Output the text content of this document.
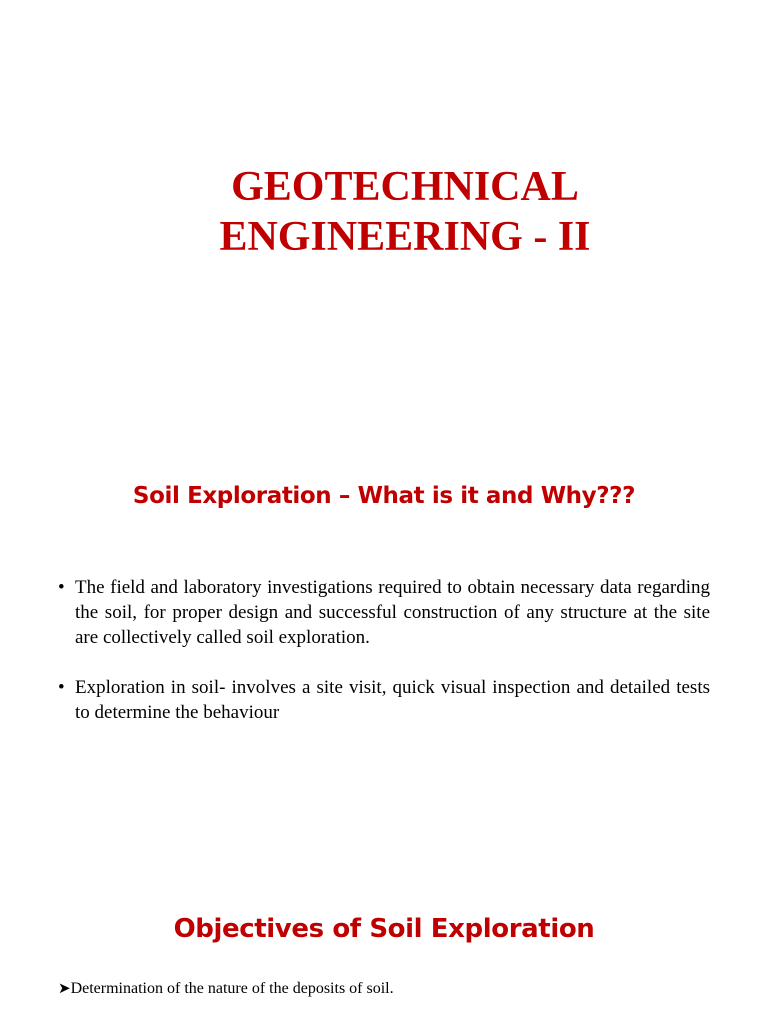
GEOTECHNICAL
ENGINEERING - II
Soil Exploration – What is it and Why???
• The field and laboratory investigations required to obtain necessary data regarding the soil, for proper design and successful construction of any structure at the site are collectively called soil exploration.
• Exploration in soil- involves a site visit, quick visual inspection and detailed tests to determine the behaviour
Objectives of Soil Exploration

➤Determination of the nature of the deposits of soil.
